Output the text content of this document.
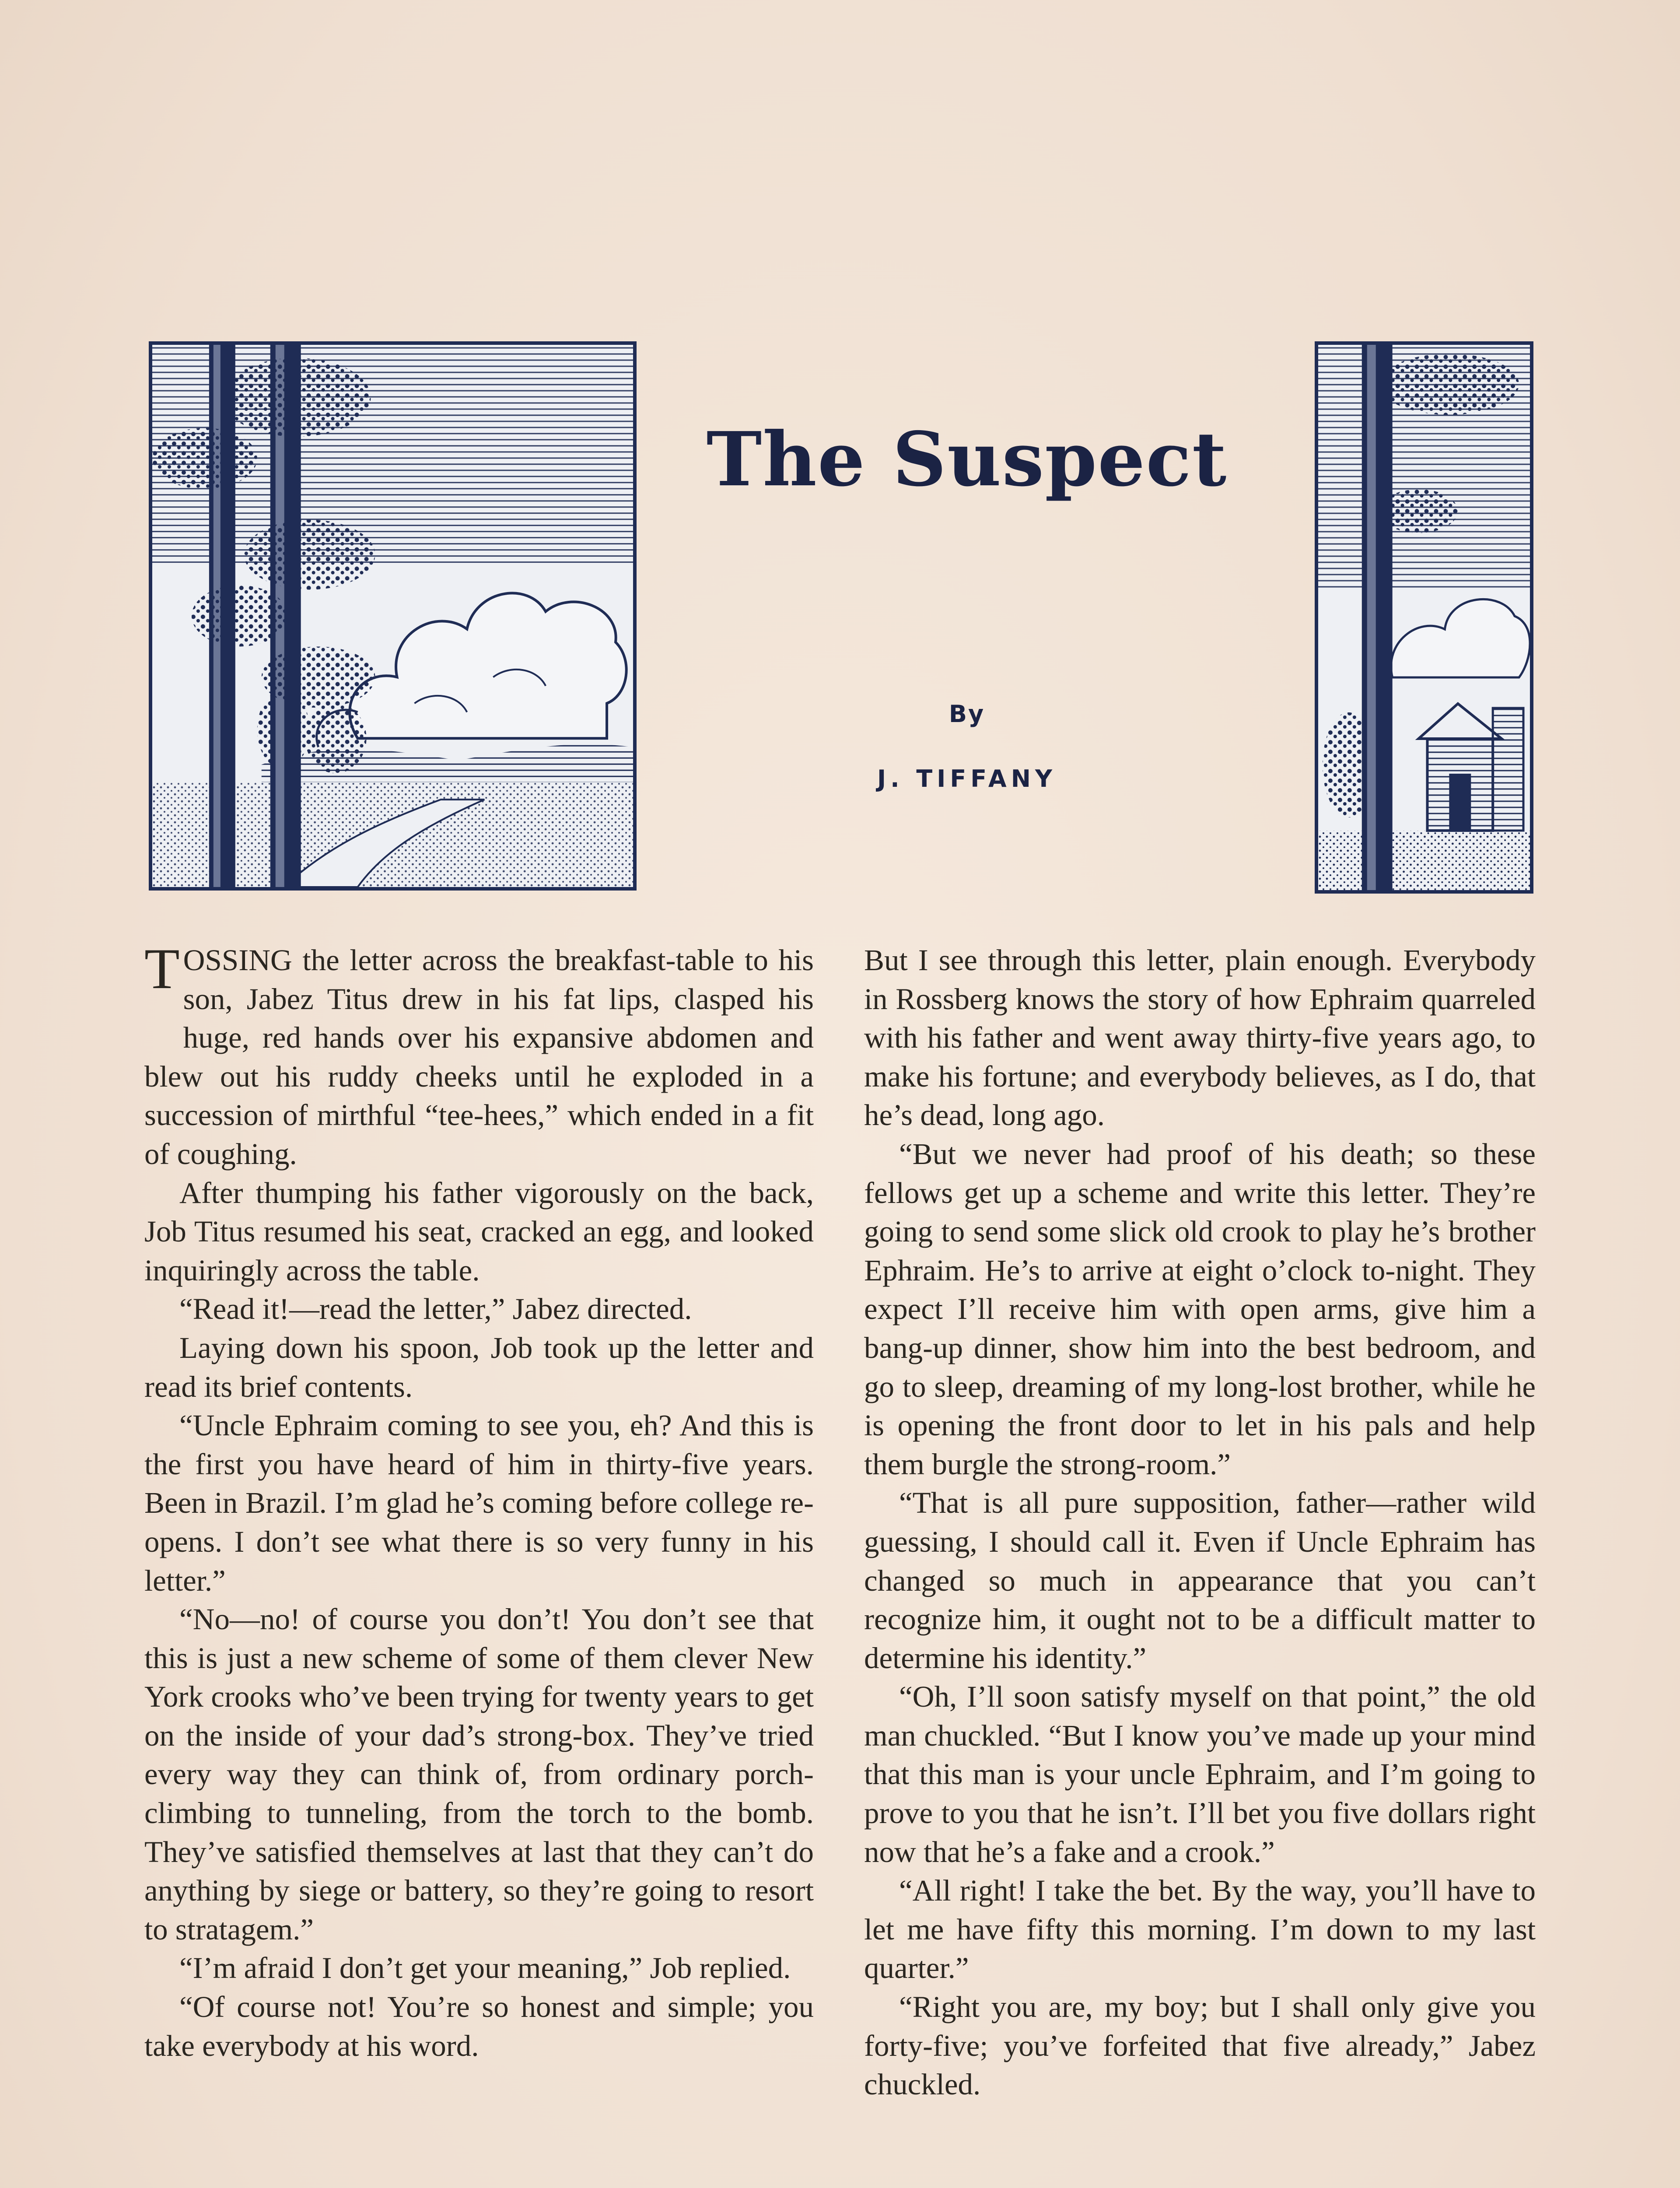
The Suspect
By
J. TIFFANY

TOSSING the letter across the breakfast-table to his son, Jabez Titus drew in his fat lips, clasped his huge, red hands over his expansive abdomen and blew out his ruddy cheeks until he exploded in a succession of mirthful “tee-hees,” which ended in a fit of coughing.

After thumping his father vigorously on the back, Job Titus resumed his seat, cracked an egg, and looked inquiringly across the table.

“Read it!—read the letter,” Jabez directed.

Laying down his spoon, Job took up the letter and read its brief contents.

“Uncle Ephraim coming to see you, eh? And this is the first you have heard of him in thirty-five years. Been in Brazil. I’m glad he’s coming before college re-opens. I don’t see what there is so very funny in his letter.”

“No—no! of course you don’t! You don’t see that this is just a new scheme of some of them clever New York crooks who’ve been trying for twenty years to get on the inside of your dad’s strong-box. They’ve tried every way they can think of, from ordinary porch-climbing to tunneling, from the torch to the bomb. They’ve satisfied themselves at last that they can’t do anything by siege or battery, so they’re going to resort to stratagem.”

“I’m afraid I don’t get your meaning,” Job replied.

“Of course not! You’re so honest and simple; you take everybody at his word.

But I see through this letter, plain enough. Everybody in Rossberg knows the story of how Ephraim quarreled with his father and went away thirty-five years ago, to make his fortune; and everybody believes, as I do, that he’s dead, long ago.

“But we never had proof of his death; so these fellows get up a scheme and write this letter. They’re going to send some slick old crook to play he’s brother Ephraim. He’s to arrive at eight o’clock to-night. They expect I’ll receive him with open arms, give him a bang-up dinner, show him into the best bedroom, and go to sleep, dreaming of my long-lost brother, while he is opening the front door to let in his pals and help them burgle the strong-room.”

“That is all pure supposition, father—rather wild guessing, I should call it. Even if Uncle Ephraim has changed so much in appearance that you can’t recognize him, it ought not to be a difficult matter to determine his identity.”

“Oh, I’ll soon satisfy myself on that point,” the old man chuckled. “But I know you’ve made up your mind that this man is your uncle Ephraim, and I’m going to prove to you that he isn’t. I’ll bet you five dollars right now that he’s a fake and a crook.”

“All right! I take the bet. By the way, you’ll have to let me have fifty this morning. I’m down to my last quarter.”

“Right you are, my boy; but I shall only give you forty-five; you’ve forfeited that five already,” Jabez chuckled.
